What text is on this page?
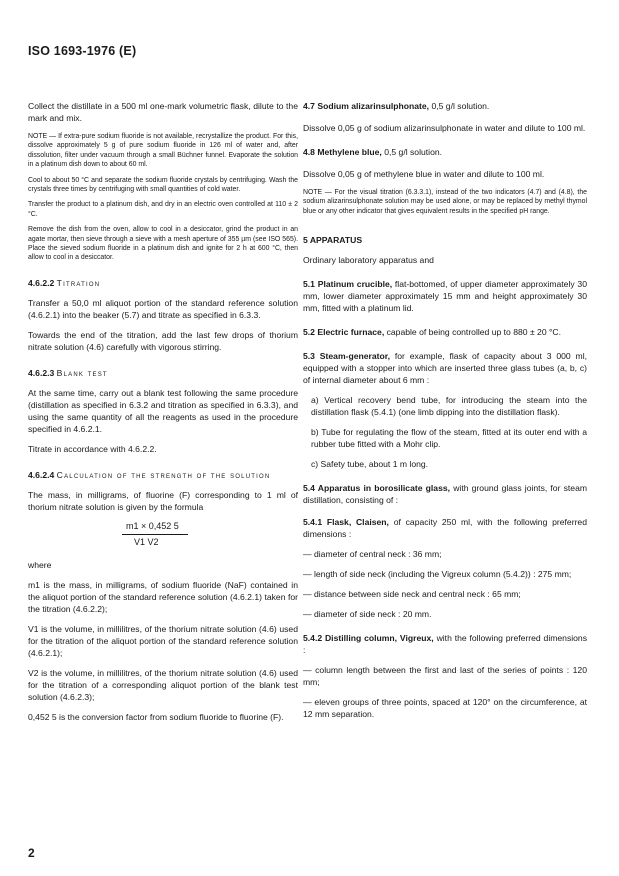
ISO 1693-1976 (E)

Collect the distillate in a 500 ml one-mark volumetric flask, dilute to the mark and mix.

NOTE — If extra-pure sodium fluoride is not available, recrystallize the product. For this, dissolve approximately 5 g of pure sodium fluoride in 126 ml of water and, after dissolution, filter under vacuum through a small Büchner funnel. Evaporate the solution in a platinum dish down to about 60 ml.

Cool to about 50 °C and separate the sodium fluoride crystals by centrifuging. Wash the crystals three times by centrifuging with small quantities of cold water.

Transfer the product to a platinum dish, and dry in an electric oven controlled at 110 ± 2 °C.

Remove the dish from the oven, allow to cool in a desiccator, grind the product in an agate mortar, then sieve through a sieve with a mesh aperture of 355 µm (see ISO 565). Place the sieved sodium fluoride in a platinum dish and ignite for 2 h at 600 °C, then allow to cool in a desiccator.

4.6.2.2 Titration

Transfer a 50,0 ml aliquot portion of the standard reference solution (4.6.2.1) into the beaker (5.7) and titrate as specified in 6.3.3.

Towards the end of the titration, add the last few drops of thorium nitrate solution (4.6) carefully with vigorous stirring.

4.6.2.3 Blank test

At the same time, carry out a blank test following the same procedure (distillation as specified in 6.3.2 and titration as specified in 6.3.3), and using the same quantity of all the reagents as used in the procedure specified in 4.6.2.1.

Titrate in accordance with 4.6.2.2.

4.6.2.4 Calculation of the strength of the solution

The mass, in milligrams, of fluorine (F) corresponding to 1 ml of thorium nitrate solution is given by the formula

m1 × 0,452 5
V1 V2

where

m1 is the mass, in milligrams, of sodium fluoride (NaF) contained in the aliquot portion of the standard reference solution (4.6.2.1) taken for the titration (4.6.2.2);

V1 is the volume, in millilitres, of the thorium nitrate solution (4.6) used for the titration of the aliquot portion of the standard reference solution (4.6.2.1);

V2 is the volume, in millilitres, of the thorium nitrate solution (4.6) used for the titration of a corresponding aliquot portion of the blank test solution (4.6.2.3);

0,452 5 is the conversion factor from sodium fluoride to fluorine (F).

4.7 Sodium alizarinsulphonate, 0,5 g/l solution.

Dissolve 0,05 g of sodium alizarinsulphonate in water and dilute to 100 ml.

4.8 Methylene blue, 0,5 g/l solution.

Dissolve 0,05 g of methylene blue in water and dilute to 100 ml.

NOTE — For the visual titration (6.3.3.1), instead of the two indicators (4.7) and (4.8), the sodium alizarinsulphonate solution may be used alone, or may be replaced by methyl thymol blue or any other indicator that gives equivalent results in the specified pH range.

5 APPARATUS

Ordinary laboratory apparatus and

5.1 Platinum crucible, flat-bottomed, of upper diameter approximately 30 mm, lower diameter approximately 15 mm and height approximately 30 mm, fitted with a platinum lid.

5.2 Electric furnace, capable of being controlled up to 880 ± 20 °C.

5.3 Steam-generator, for example, flask of capacity about 3 000 ml, equipped with a stopper into which are inserted three glass tubes (a, b, c) of internal diameter about 6 mm :

a) Vertical recovery bend tube, for introducing the steam into the distillation flask (5.4.1) (one limb dipping into the distillation flask).

b) Tube for regulating the flow of the steam, fitted at its outer end with a rubber tube fitted with a Mohr clip.

c) Safety tube, about 1 m long.

5.4 Apparatus in borosilicate glass, with ground glass joints, for steam distillation, consisting of :

5.4.1 Flask, Claisen, of capacity 250 ml, with the following preferred dimensions :

— diameter of central neck : 36 mm;
— length of side neck (including the Vigreux column (5.4.2)) : 275 mm;
— distance between side neck and central neck : 65 mm;
— diameter of side neck : 20 mm.

5.4.2 Distilling column, Vigreux, with the following preferred dimensions :

— column length between the first and last of the series of points : 120 mm;
— eleven groups of three points, spaced at 120° on the circumference, at 12 mm separation.
2
